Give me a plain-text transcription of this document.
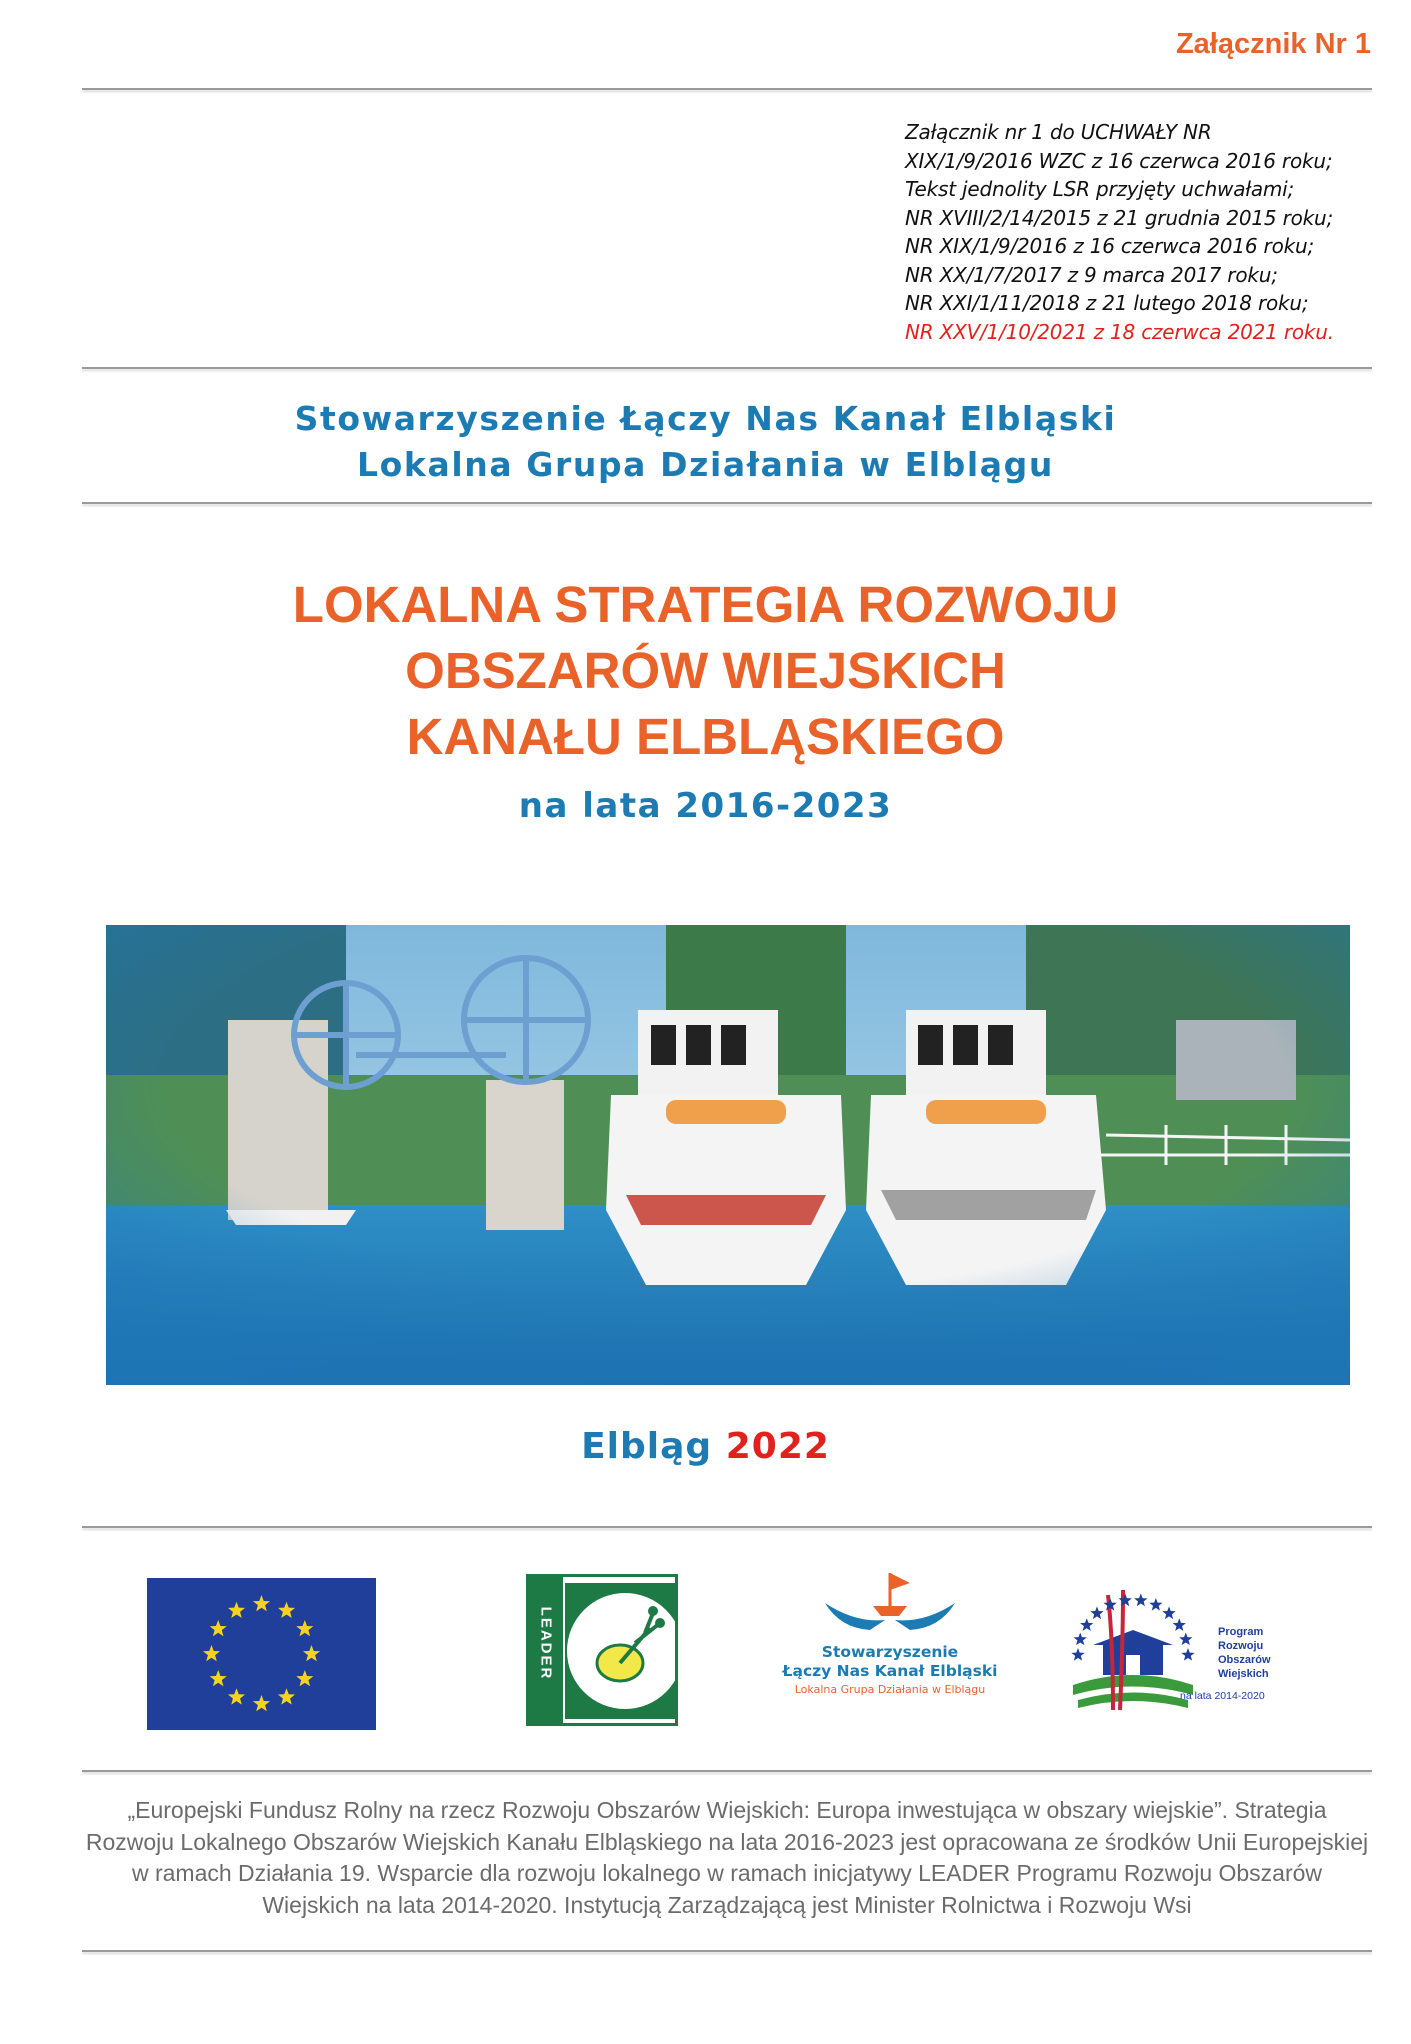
Załącznik Nr 1
Załącznik nr 1 do UCHWAŁY NR
XIX/1/9/2016 WZC z 16 czerwca 2016 roku;
Tekst jednolity LSR przyjęty uchwałami;
NR XVIII/2/14/2015 z 21 grudnia 2015 roku;
NR XIX/1/9/2016 z 16 czerwca 2016 roku;
NR XX/1/7/2017 z 9 marca 2017 roku;
NR XXI/1/11/2018 z 21 lutego 2018 roku;
NR XXV/1/10/2021 z 18 czerwca 2021 roku.
Stowarzyszenie Łączy Nas Kanał Elbląski
Lokalna Grupa Działania w Elblągu
LOKALNA STRATEGIA ROZWOJU
OBSZARÓW WIEJSKICH
KANAŁU ELBLĄSKIEGO
na lata 2016-2023
Elbląg 2022
LEADER	Stowarzyszenie
Łączy Nas Kanał Elbląski
Lokalna Grupa Działania w Elblągu
Program
Rozwoju
Obszarów
Wiejskich
na lata 2014-2020
„Europejski Fundusz Rolny na rzecz Rozwoju Obszarów Wiejskich: Europa inwestująca w obszary wiejskie”. Strategia Rozwoju Lokalnego Obszarów Wiejskich Kanału Elbląskiego na lata 2016-2023 jest opracowana ze środków Unii Europejskiej w ramach Działania 19. Wsparcie dla rozwoju lokalnego w ramach inicjatywy LEADER Programu Rozwoju Obszarów Wiejskich na lata 2014-2020. Instytucją Zarządzającą jest Minister Rolnictwa i Rozwoju Wsi
